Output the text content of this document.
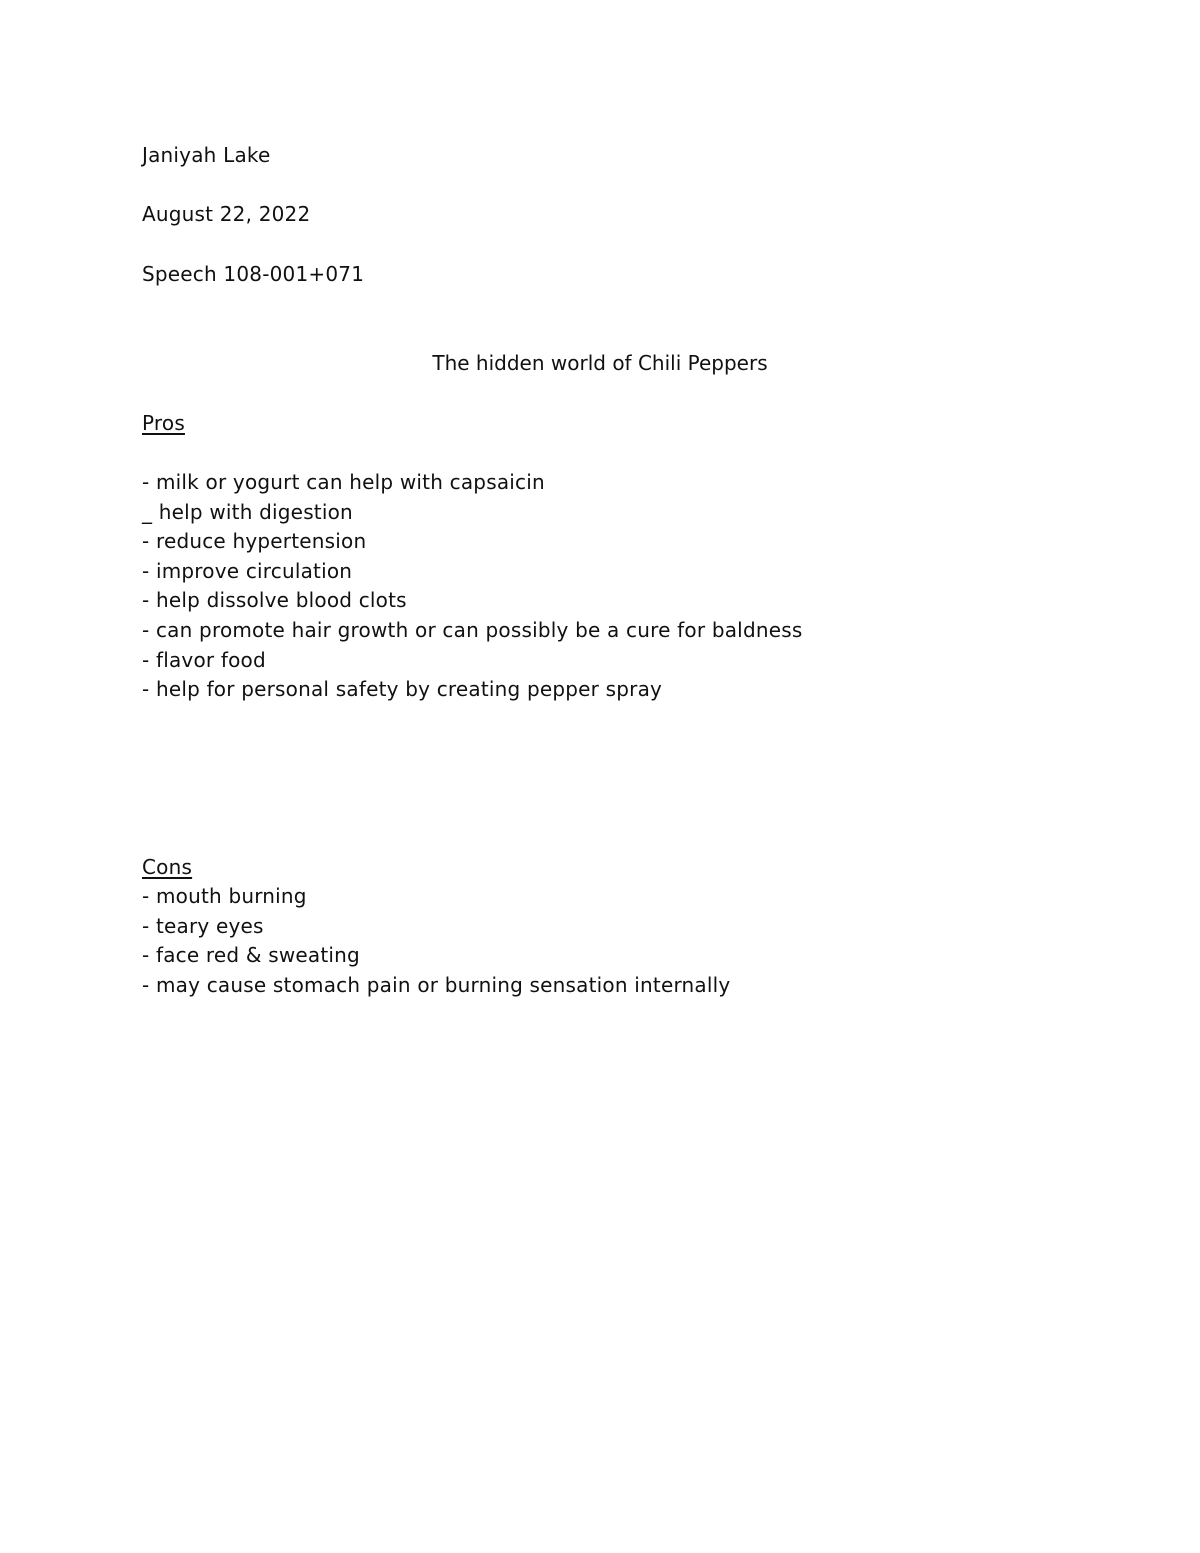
Janiyah Lake
August 22, 2022
Speech 108-001+071
The hidden world of Chili Peppers
Pros
- milk or yogurt can help with capsaicin
_ help with digestion
- reduce hypertension
- improve circulation
- help dissolve blood clots
- can promote hair growth or can possibly be a cure for baldness
- flavor food
- help for personal safety by creating pepper spray
Cons
- mouth burning
- teary eyes
- face red & sweating
- may cause stomach pain or burning sensation internally
